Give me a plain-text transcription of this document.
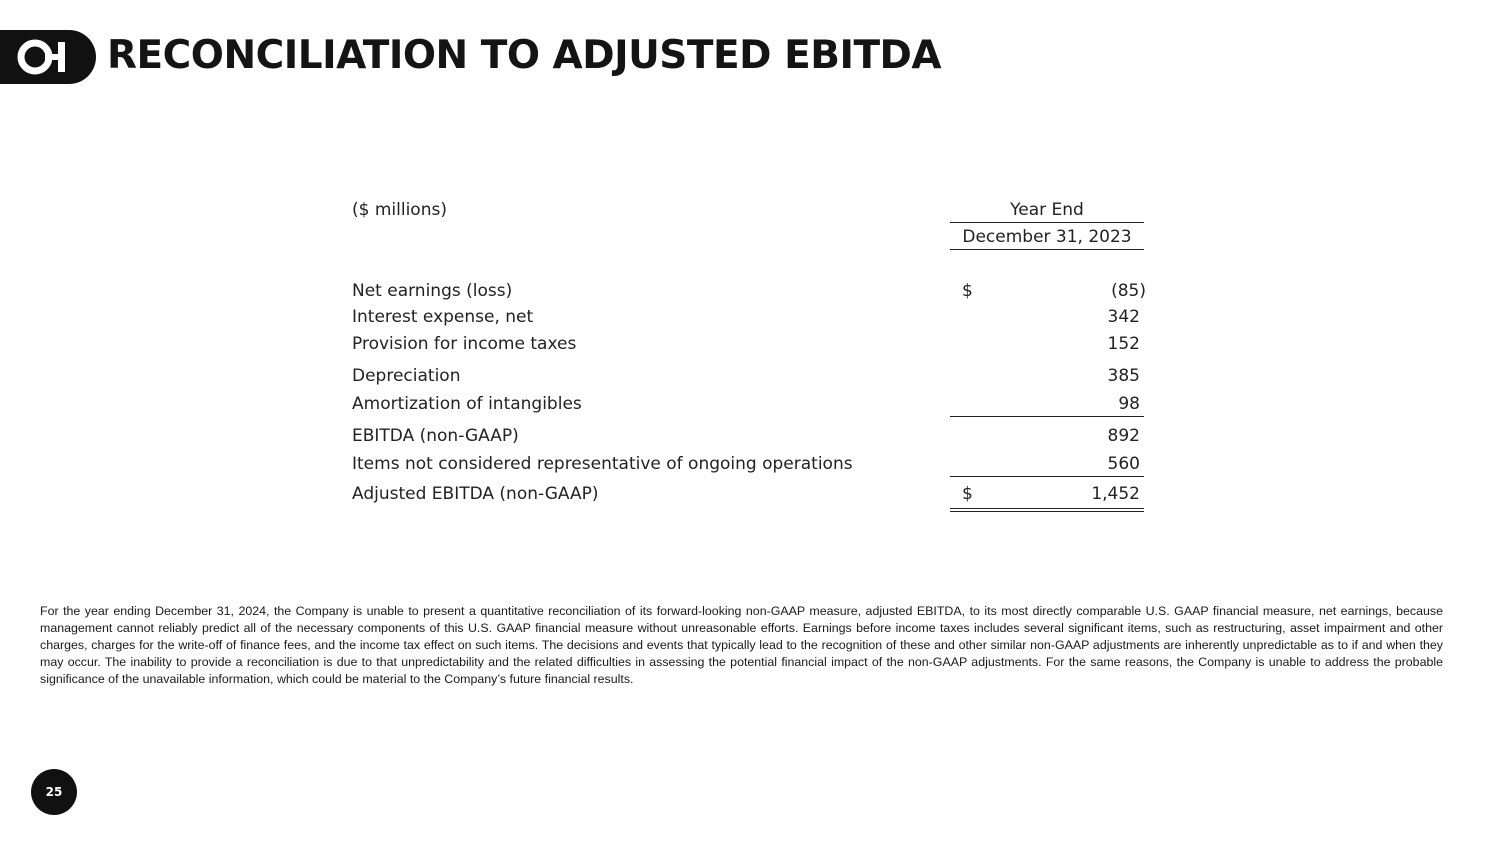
RECONCILIATION TO ADJUSTED EBITDA
($ millions)	Year End
December 31, 2023
Net earnings (loss)	$	(85)
Interest expense, net	342
Provision for income taxes	152
Depreciation	385
Amortization of intangibles	98
EBITDA (non-GAAP)	892
Items not considered representative of ongoing operations	560
Adjusted EBITDA (non-GAAP)	$	1,452
For the year ending December 31, 2024, the Company is unable to present a quantitative reconciliation of its forward-looking non-GAAP measure, adjusted EBITDA, to its most directly comparable U.S. GAAP financial measure, net earnings, because management cannot reliably predict all of the necessary components of this U.S. GAAP financial measure without unreasonable efforts. Earnings before income taxes includes several significant items, such as restructuring, asset impairment and other charges, charges for the write-off of finance fees, and the income tax effect on such items. The decisions and events that typically lead to the recognition of these and other similar non-GAAP adjustments are inherently unpredictable as to if and when they may occur. The inability to provide a reconciliation is due to that unpredictability and the related difficulties in assessing the potential financial impact of the non-GAAP adjustments. For the same reasons, the Company is unable to address the probable significance of the unavailable information, which could be material to the Company’s future financial results.
25
